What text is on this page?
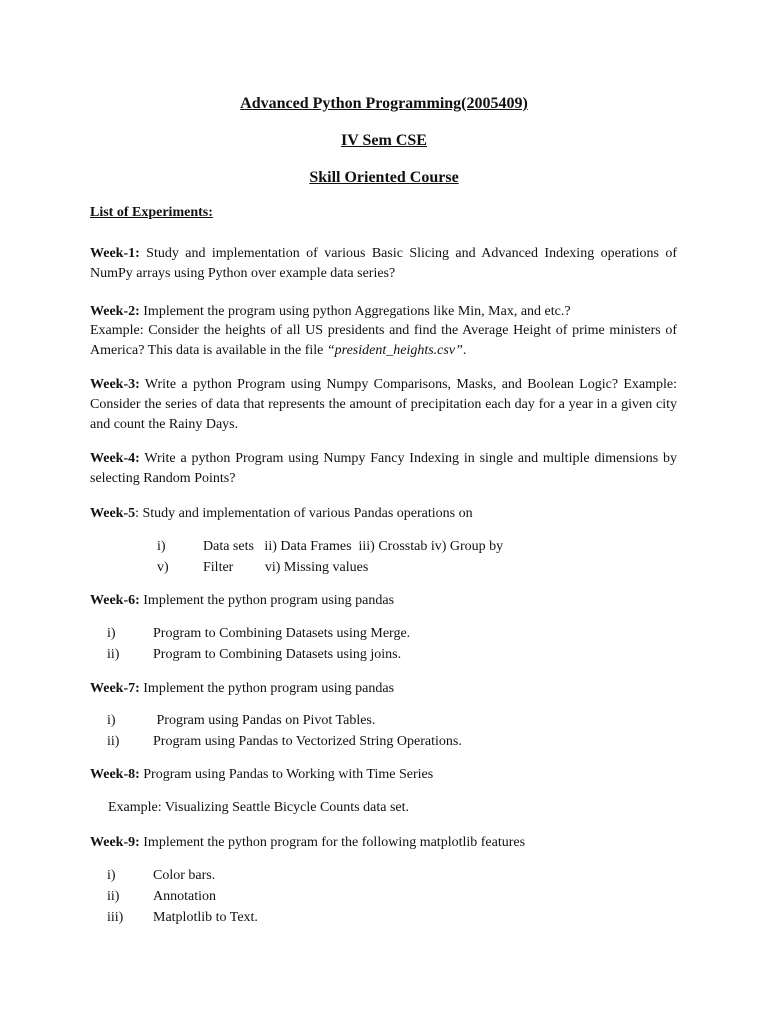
Advanced Python Programming(2005409)
IV Sem CSE
Skill Oriented Course
List of Experiments:

Week-1: Study and implementation of various Basic Slicing and Advanced Indexing operations of NumPy arrays using Python over example data series?

Week-2: Implement the program using python Aggregations like Min, Max, and etc.?

Example: Consider the heights of all US presidents and find the Average Height of prime ministers of America? This data is available in the file “president_heights.csv”.

Week-3: Write a python Program using Numpy Comparisons, Masks, and Boolean Logic? Example: Consider the series of data that represents the amount of precipitation each day for a year in a given city and count the Rainy Days.

Week-4: Write a python Program using Numpy Fancy Indexing in single and multiple dimensions by selecting Random Points?

Week-5: Study and implementation of various Pandas operations on
i)	Data sets   ii) Data Frames  iii) Crosstab iv) Group by
v) Filter         vi) Missing values
Week-6: Implement the python program using pandas
i)	Program to Combining Datasets using Merge.
ii) Program to Combining Datasets using joins.
Week-7: Implement the python program using pandas
i)	Program using Pandas on Pivot Tables.
ii) Program using Pandas to Vectorized String Operations.
Week-8: Program using Pandas to Working with Time Series
Example: Visualizing Seattle Bicycle Counts data set.
Week-9: Implement the python program for the following matplotlib features
i)	Color bars.
ii) Annotation
iii) Matplotlib to Text.
